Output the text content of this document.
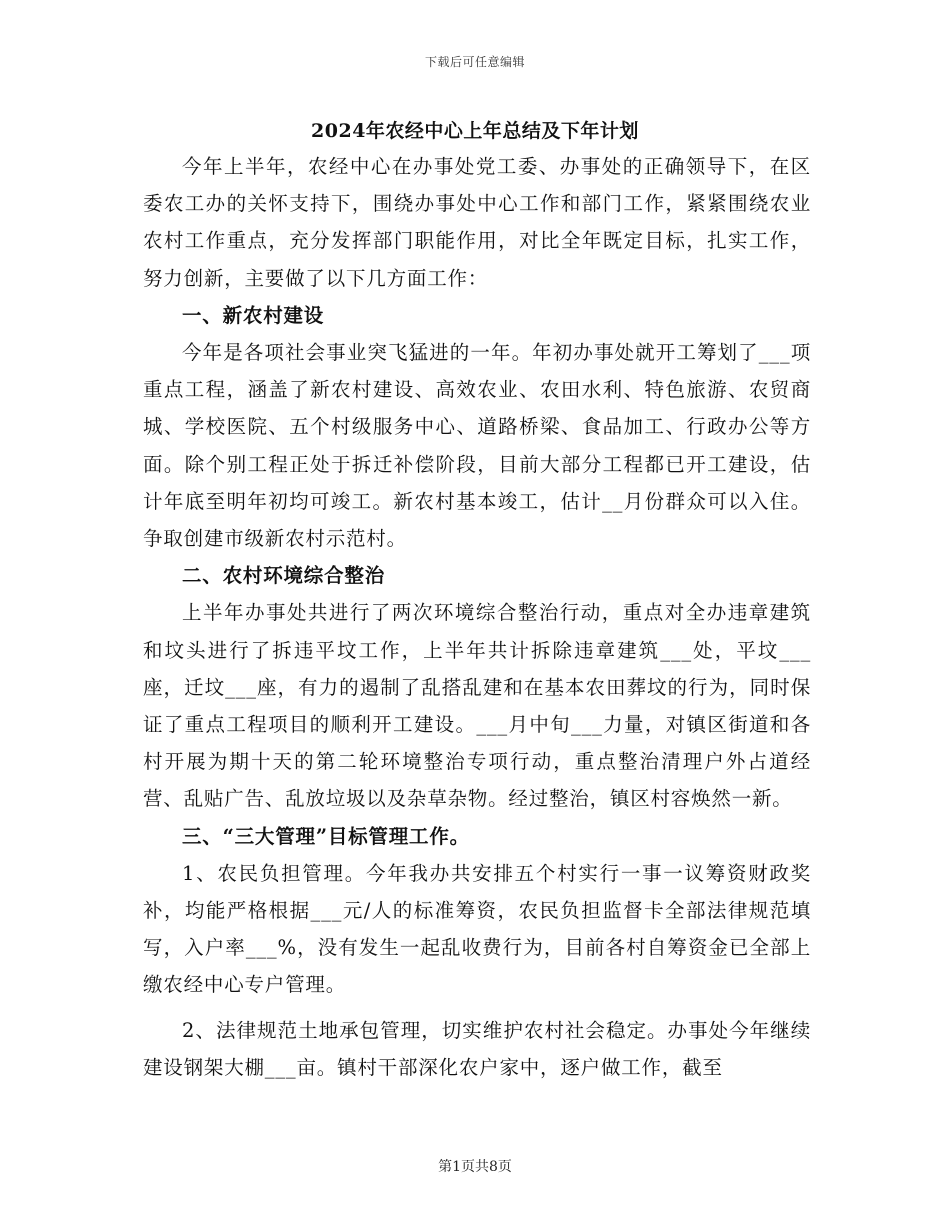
下载后可任意编辑
2024年农经中心上年总结及下年计划

今年上半年，农经中心在办事处党工委、办事处的正确领导下，在区委农工办的关怀支持下，围绕办事处中心工作和部门工作，紧紧围绕农业农村工作重点，充分发挥部门职能作用，对比全年既定目标，扎实工作，努力创新，主要做了以下几方面工作：

一、新农村建设

今年是各项社会事业突飞猛进的一年。年初办事处就开工筹划了___项重点工程，涵盖了新农村建设、高效农业、农田水利、特色旅游、农贸商城、学校医院、五个村级服务中心、道路桥梁、食品加工、行政办公等方面。除个别工程正处于拆迁补偿阶段，目前大部分工程都已开工建设，估计年底至明年初均可竣工。新农村基本竣工，估计__月份群众可以入住。争取创建市级新农村示范村。

二、农村环境综合整治

上半年办事处共进行了两次环境综合整治行动，重点对全办违章建筑和坟头进行了拆违平坟工作，上半年共计拆除违章建筑___处，平坟___座，迁坟___座，有力的遏制了乱搭乱建和在基本农田葬坟的行为，同时保证了重点工程项目的顺利开工建设。___月中旬___力量，对镇区街道和各村开展为期十天的第二轮环境整治专项行动，重点整治清理户外占道经营、乱贴广告、乱放垃圾以及杂草杂物。经过整治，镇区村容焕然一新。

三、“三大管理”目标管理工作。

1、农民负担管理。今年我办共安排五个村实行一事一议筹资财政奖补，均能严格根据___元/人的标准筹资，农民负担监督卡全部法律规范填写，入户率___%，没有发生一起乱收费行为，目前各村自筹资金已全部上缴农经中心专户管理。

2、法律规范土地承包管理，切实维护农村社会稳定。办事处今年继续建设钢架大棚___亩。镇村干部深化农户家中，逐户做工作，截至

第1页共8页
